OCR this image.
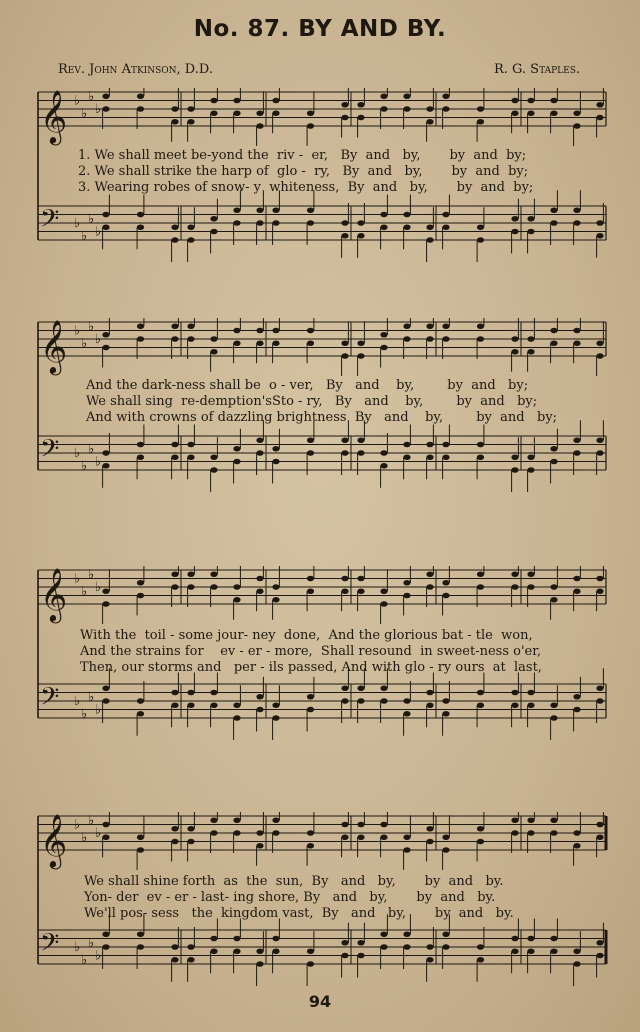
No. 87. BY AND BY.
Rev. John Atkinson, D.D.	R. G. Staples.
𝄞 ♭
♭
♭
♭
𝄢 ♭
♭
♭
♭
1. We shall meet be-yond the  riv -  er,   By  and   by,       by  and  by;
2. We shall strike the harp of  glo -  ry,   By  and   by,       by  and  by;
3. Wearing robes of snow- y  whiteness,  By  and   by,       by  and  by;
𝄞 ♭
♭
♭
♭
𝄢 ♭
♭
♭
♭
And the dark-ness shall be  o - ver,   By   and    by,        by  and   by;
We shall sing  re-demption'sSto - ry,   By   and    by,        by  and   by;
And with crowns of dazzling brightness  By   and    by,        by  and   by;
𝄞 ♭
♭
♭
♭
𝄢 ♭
♭
♭
♭
With the  toil - some jour- ney  done,  And the glorious bat - tle  won,
And the strains for    ev - er - more,  Shall resound  in sweet-ness o'er,
Then, our storms and   per - ils passed, And with glo - ry ours  at  last,
𝄞 ♭
♭
♭
♭
𝄢 ♭
♭
♭
♭
We shall shine forth  as  the  sun,  By   and   by,       by  and   by.
Yon- der  ev - er - last- ing shore, By   and   by,       by  and   by.
We'll pos- sess   the  kingdom vast,  By   and   by,       by  and   by.
94
